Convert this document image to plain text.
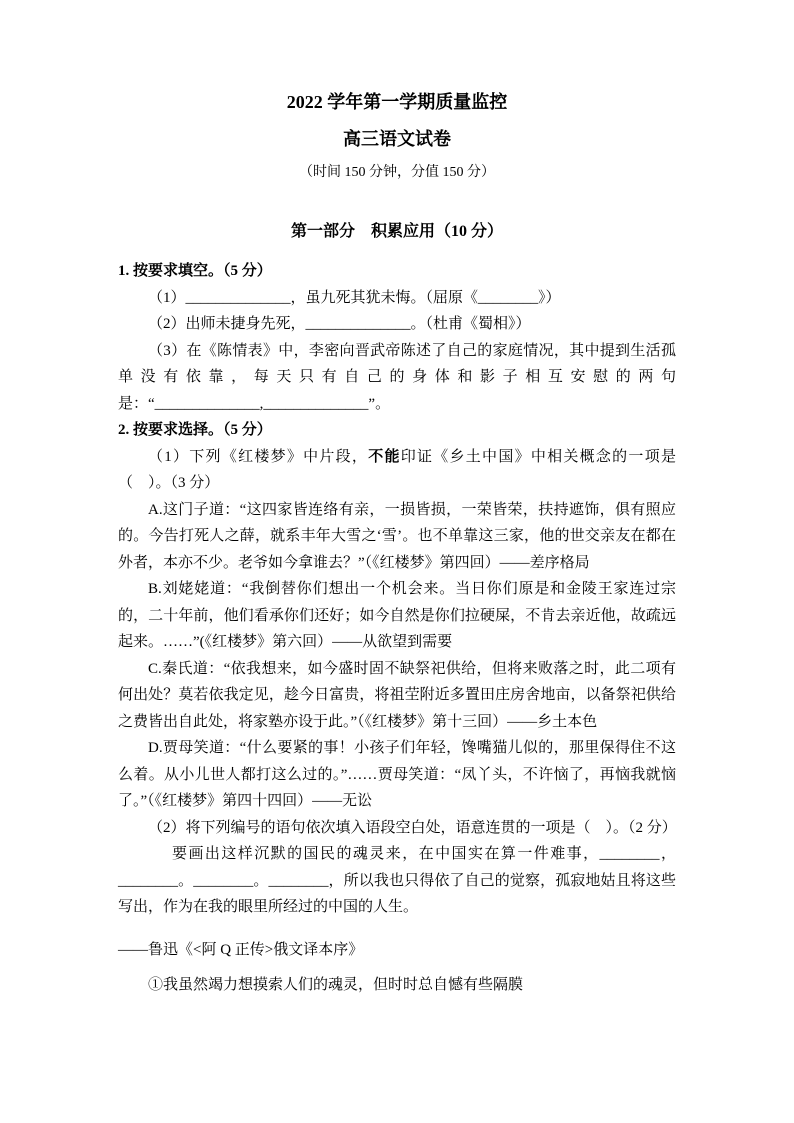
2022 学年第一学期质量监控
高三语文试卷

（时间 150 分钟，分值 150 分）

第一部分　积累应用（10 分）

1. 按要求填空。（5 分）

（1）______________，虽九死其犹未悔。（屈原《________》）

（2）出师未捷身先死，______________。（杜甫《蜀相》）

（3）在《陈情表》中，李密向晋武帝陈述了自己的家庭情况，其中提到生活孤单没有依靠，每天只有自己的身体和影子相互安慰的两句是：“______________,______________”。

2. 按要求选择。（5 分）

（1）下列《红楼梦》中片段，不能印证《乡土中国》中相关概念的一项是（　）。（3 分）

A.这门子道：“这四家皆连络有亲，一损皆损，一荣皆荣，扶持遮饰，俱有照应的。今告打死人之薛，就系丰年大雪之‘雪’。也不单靠这三家，他的世交亲友在都在外者，本亦不少。老爷如今拿谁去？”（《红楼梦》第四回）——差序格局

B.刘姥姥道：“我倒替你们想出一个机会来。当日你们原是和金陵王家连过宗的，二十年前，他们看承你们还好；如今自然是你们拉硬屎，不肯去亲近他，故疏远起来。……”(《红楼梦》第六回）——从欲望到需要

C.秦氏道：“依我想来，如今盛时固不缺祭祀供给，但将来败落之时，此二项有何出处？莫若依我定见，趁今日富贵，将祖茔附近多置田庄房舍地亩，以备祭祀供给之费皆出自此处，将家塾亦设于此。”（《红楼梦》第十三回）——乡土本色

D.贾母笑道：“什么要紧的事！小孩子们年轻，馋嘴猫儿似的，那里保得住不这么着。从小儿世人都打这么过的。”……贾母笑道：“凤丫头，不许恼了，再恼我就恼了。”（《红楼梦》第四十四回）——无讼

（2）将下列编号的语句依次填入语段空白处，语意连贯的一项是（　）。（2 分）

要画出这样沉默的国民的魂灵来，在中国实在算一件难事，________，________。________。________，所以我也只得依了自己的觉察，孤寂地姑且将这些写出，作为在我的眼里所经过的中国的人生。

——鲁迅《<阿 Q 正传>俄文译本序》

①我虽然竭力想摸索人们的魂灵，但时时总自憾有些隔膜
